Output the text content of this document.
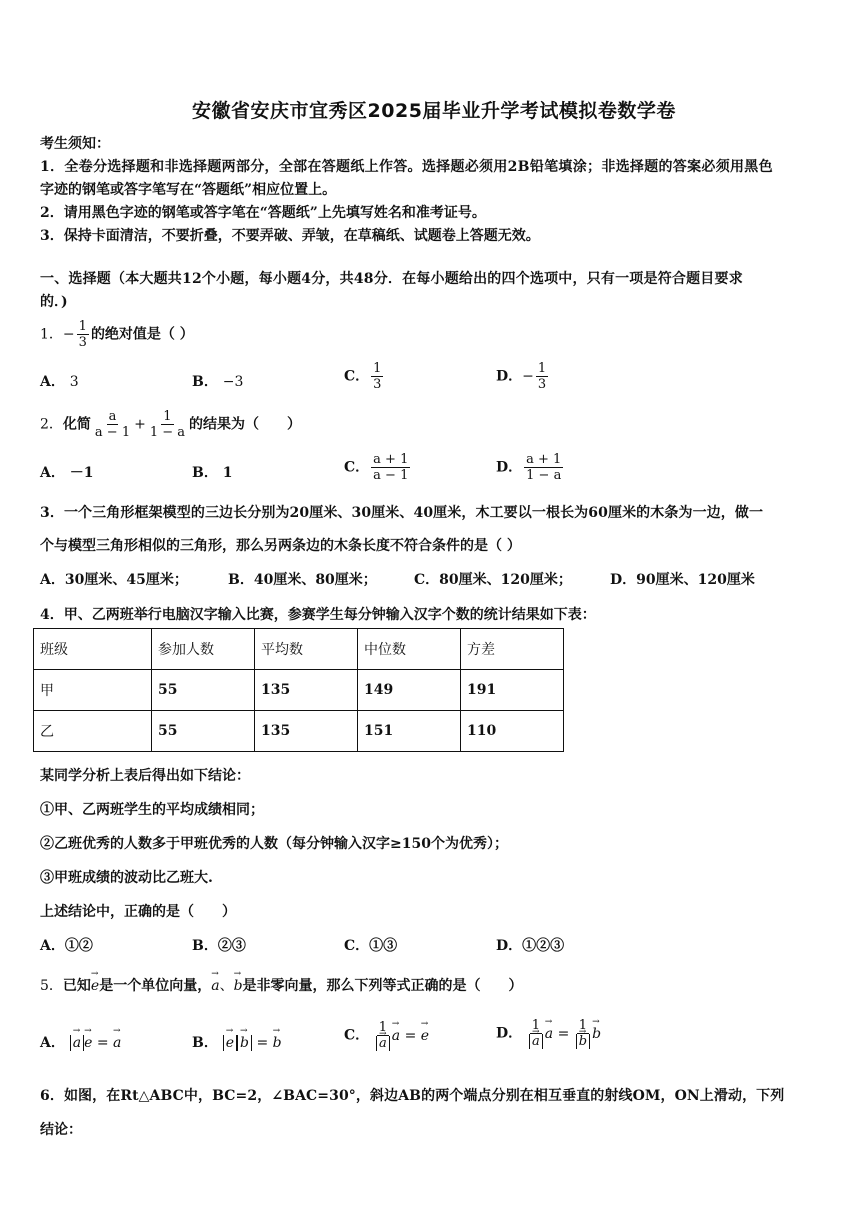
安徽省安庆市宜秀区2025届毕业升学考试模拟卷数学卷
考生须知：
1．全卷分选择题和非选择题两部分，全部在答题纸上作答。选择题必须用2B铅笔填涂；非选择题的答案必须用黑色
字迹的钢笔或答字笔写在“答题纸”相应位置上。
2．请用黑色字迹的钢笔或答字笔在“答题纸”上先填写姓名和准考证号。
3．保持卡面清洁，不要折叠，不要弄破、弄皱，在草稿纸、试题卷上答题无效。
一、选择题（本大题共12个小题，每小题4分，共48分．在每小题给出的四个选项中，只有一项是符合题目要求
的．)
1．− $\frac{1}{3}$ 的绝对值是（ ）
A． 3	B． −3	C． $\frac{1}{3}$	D．− $\frac{1}{3}$
2．化简 $\frac{a}{a - 1} + \frac{1}{1 - a}$ 的结果为（　　）
A． －1	B． 1	C． $\frac{a + 1}{a - 1}$	D． $\frac{a + 1}{1 - a}$
3．一个三角形框架模型的三边长分别为20厘米、30厘米、40厘米，木工要以一根长为60厘米的木条为一边，做一
个与模型三角形相似的三角形，那么另两条边的木条长度不符合条件的是（ ）
A．30厘米、45厘米；	B．40厘米、80厘米；	C．80厘米、120厘米；	D．90厘米、120厘米
4．甲、乙两班举行电脑汉字输入比赛，参赛学生每分钟输入汉字个数的统计结果如下表：
班级	参加人数	平均数	中位数	方差
甲	55	135	149	191
乙	55	135	151	110
某同学分析上表后得出如下结论：
①甲、乙两班学生的平均成绩相同；
②乙班优秀的人数多于甲班优秀的人数（每分钟输入汉字≥150个为优秀）；
③甲班成绩的波动比乙班大.
上述结论中，正确的是（　　）
A．①②	B．②③	C．①③	D．①②③
5．已知→ e是一个单位向量，→ a、→ b是非零向量，那么下列等式正确的是（　　）
A． → a → e = → a	B． → e → b = → b	C． 1
→ a → a = → e	D． 1
→ a → a = 1
→ b → b
6．如图，在Rt△ABC中，BC=2，∠BAC=30°，斜边AB的两个端点分别在相互垂直的射线OM，ON上滑动，下列
结论：
